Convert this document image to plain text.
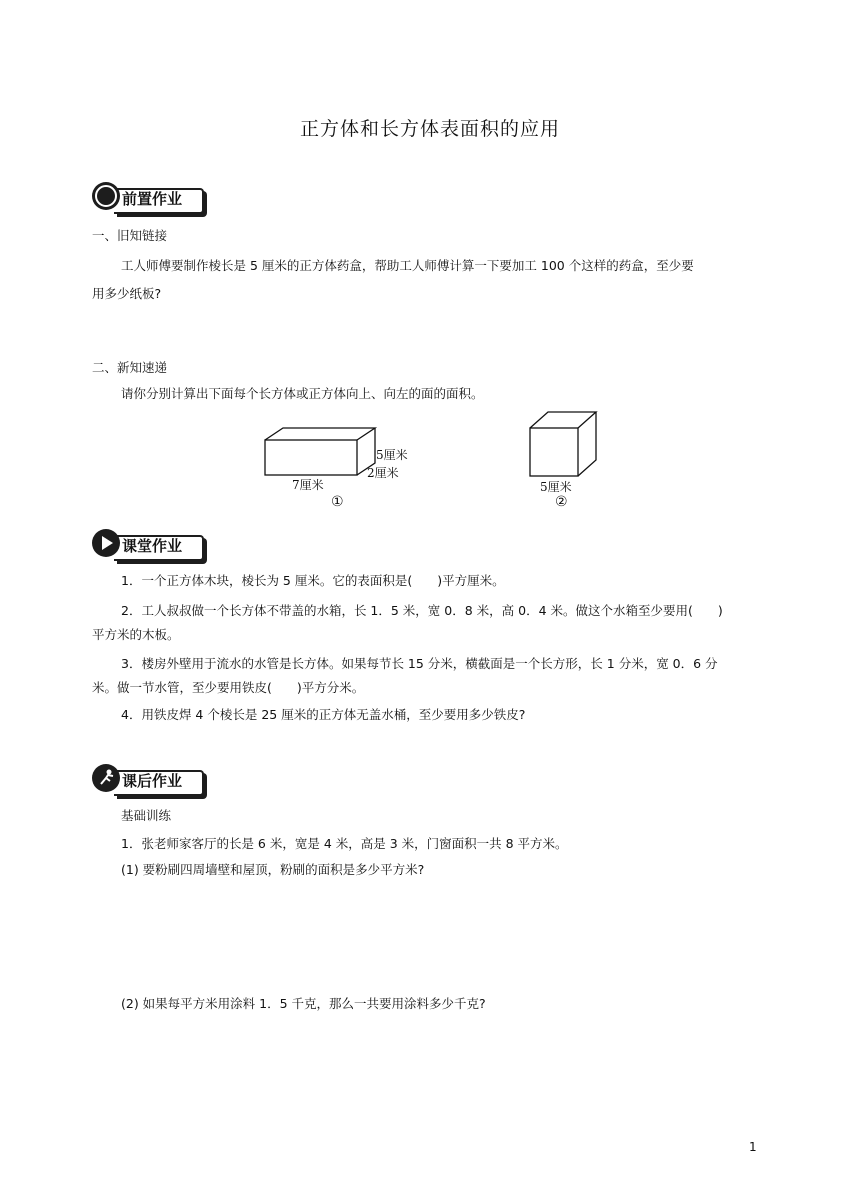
正方体和长方体表面积的应用
前置作业
一、旧知链接
工人师傅要制作棱长是 5 厘米的正方体药盒，帮助工人师傅计算一下要加工 100 个这样的药盒，至少要
用多少纸板?
二、新知速递
请你分别计算出下面每个长方体或正方体向上、向左的面的面积。
5厘米
2厘米
7厘米
①
5厘米
②
课堂作业
1．一个正方体木块，棱长为 5 厘米。它的表面积是(　　)平方厘米。
2．工人叔叔做一个长方体不带盖的水箱，长 1．5 米，宽 0．8 米，高 0．4 米。做这个水箱至少要用(　　)
平方米的木板。
3．楼房外壁用于流水的水管是长方体。如果每节长 15 分米，横截面是一个长方形，长 1 分米，宽 0．6 分
米。做一节水管，至少要用铁皮(　　)平方分米。
4．用铁皮焊 4 个棱长是 25 厘米的正方体无盖水桶，至少要用多少铁皮?
课后作业
基础训练
1．张老师家客厅的长是 6 米，宽是 4 米，高是 3 米，门窗面积一共 8 平方米。
(1) 要粉刷四周墙壁和屋顶，粉刷的面积是多少平方米?
(2) 如果每平方米用涂料 1．5 千克，那么一共要用涂料多少千克?
1
